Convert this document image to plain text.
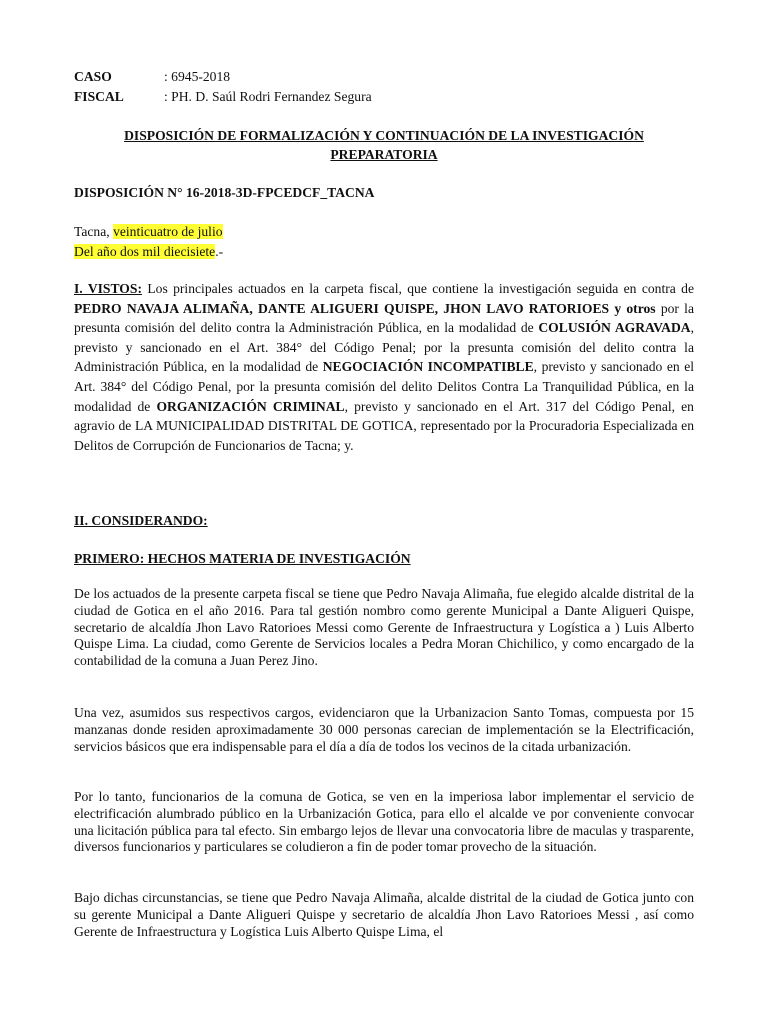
CASO	: 6945-2018
FISCAL	: PH. D. Saúl Rodri Fernandez Segura
DISPOSICIÓN DE FORMALIZACIÓN Y CONTINUACIÓN DE LA INVESTIGACIÓN PREPARATORIA
DISPOSICIÓN N° 16-2018-3D-FPCEDCF_TACNA
Tacna, veinticuatro de julio
Del año dos mil diecisiete.-
I. VISTOS: Los principales actuados en la carpeta fiscal, que contiene la investigación seguida en contra de PEDRO NAVAJA ALIMAÑA, DANTE ALIGUERI QUISPE, JHON LAVO RATORIOES y otros por la presunta comisión del delito contra la Administración Pública, en la modalidad de COLUSIÓN AGRAVADA, previsto y sancionado en el Art. 384° del Código Penal; por la presunta comisión del delito contra la Administración Pública, en la modalidad de NEGOCIACIÓN INCOMPATIBLE, previsto y sancionado en el Art. 384° del Código Penal, por la presunta comisión del delito Delitos Contra La Tranquilidad Pública, en la modalidad de ORGANIZACIÓN CRIMINAL, previsto y sancionado en el Art. 317 del Código Penal, en agravio de LA MUNICIPALIDAD DISTRITAL DE GOTICA, representado por la Procuradoria Especializada en Delitos de Corrupción de Funcionarios de Tacna; y.
II. CONSIDERANDO:
PRIMERO: HECHOS MATERIA DE INVESTIGACIÓN
De los actuados de la presente carpeta fiscal se tiene que Pedro Navaja Alimaña, fue elegido alcalde distrital de la ciudad de Gotica en el año 2016. Para tal gestión nombro como gerente Municipal a Dante Aligueri Quispe, secretario de alcaldía Jhon Lavo Ratorioes Messi como Gerente de Infraestructura y Logística a ) Luis Alberto Quispe Lima. La ciudad, como Gerente de Servicios locales a Pedra Moran Chichilico, y como encargado de la contabilidad de la comuna a Juan Perez Jino.
Una vez, asumidos sus respectivos cargos, evidenciaron que la Urbanizacion Santo Tomas, compuesta por 15 manzanas donde residen aproximadamente 30 000 personas carecian de implementación se la Electrificación, servicios básicos que era indispensable para el día a día de todos los vecinos de la citada urbanización.
Por lo tanto, funcionarios de la comuna de Gotica, se ven en la imperiosa labor implementar el servicio de electrificación alumbrado público en la Urbanización Gotica, para ello el alcalde ve por conveniente convocar una licitación pública para tal efecto. Sin embargo lejos de llevar una convocatoria libre de maculas y trasparente, diversos funcionarios y particulares se coludieron a fin de poder tomar provecho de la situación.
Bajo dichas circunstancias, se tiene que Pedro Navaja Alimaña, alcalde distrital de la ciudad de Gotica junto con su gerente Municipal a Dante Aligueri Quispe y secretario de alcaldía Jhon Lavo Ratorioes Messi , así como Gerente de Infraestructura y Logística Luis Alberto Quispe Lima, el
